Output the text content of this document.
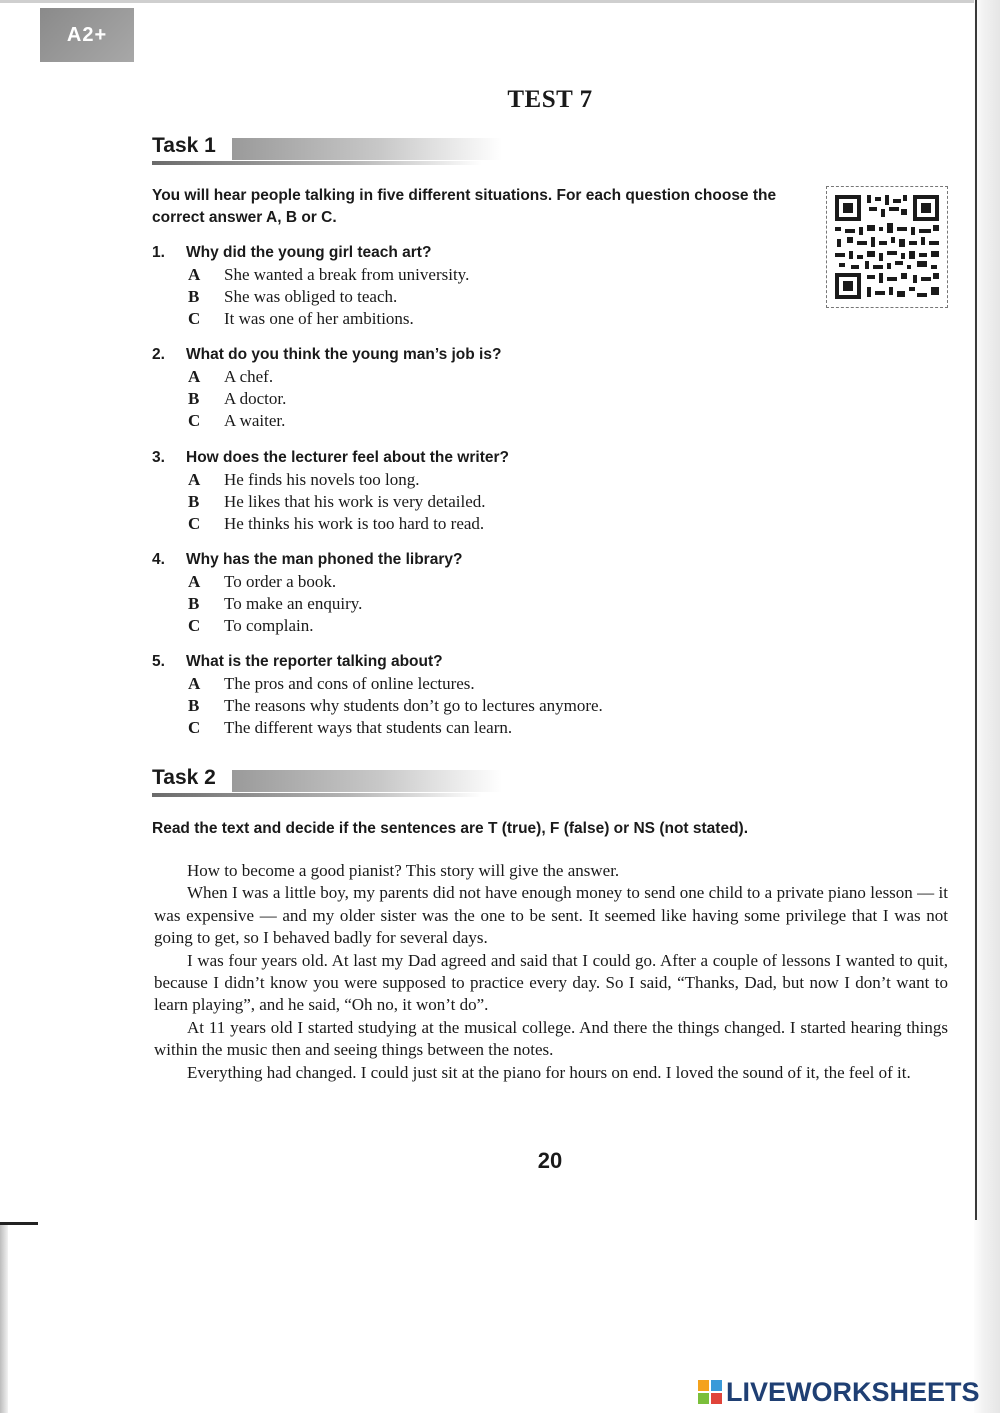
A2+
TEST 7
Task 1
You will hear people talking in five different situations. For each question choose the correct answer A, B or C.
1. Why did the young girl teach art?
A She wanted a break from university.
B She was obliged to teach.
C It was one of her ambitions.
2. What do you think the young man’s job is?
A A chef.
B A doctor.
C A waiter.
3. How does the lecturer feel about the writer?
A He finds his novels too long.
B He likes that his work is very detailed.
C He thinks his work is too hard to read.
4. Why has the man phoned the library?
A To order a book.
B To make an enquiry.
C To complain.
5. What is the reporter talking about?
A The pros and cons of online lectures.
B The reasons why students don’t go to lectures anymore.
C The different ways that students can learn.
Task 2
Read the text and decide if the sentences are T (true), F (false) or NS (not stated).

How to become a good pianist? This story will give the answer.

When I was a little boy, my parents did not have enough money to send one child to a private piano lesson — it was expensive — and my older sister was the one to be sent. It seemed like having some privilege that I was not going to get, so I behaved badly for several days.

I was four years old. At last my Dad agreed and said that I could go. After a couple of lessons I wanted to quit, because I didn’t know you were supposed to practice every day. So I said, “Thanks, Dad, but now I don’t want to learn playing”, and he said, “Oh no, it won’t do”.

At 11 years old I started studying at the musical college. And there the things changed. I started hearing things within the music then and seeing things between the notes.

Everything had changed. I could just sit at the piano for hours on end. I loved the sound of it, the feel of it.

20
LIVEWORKSHEETS
